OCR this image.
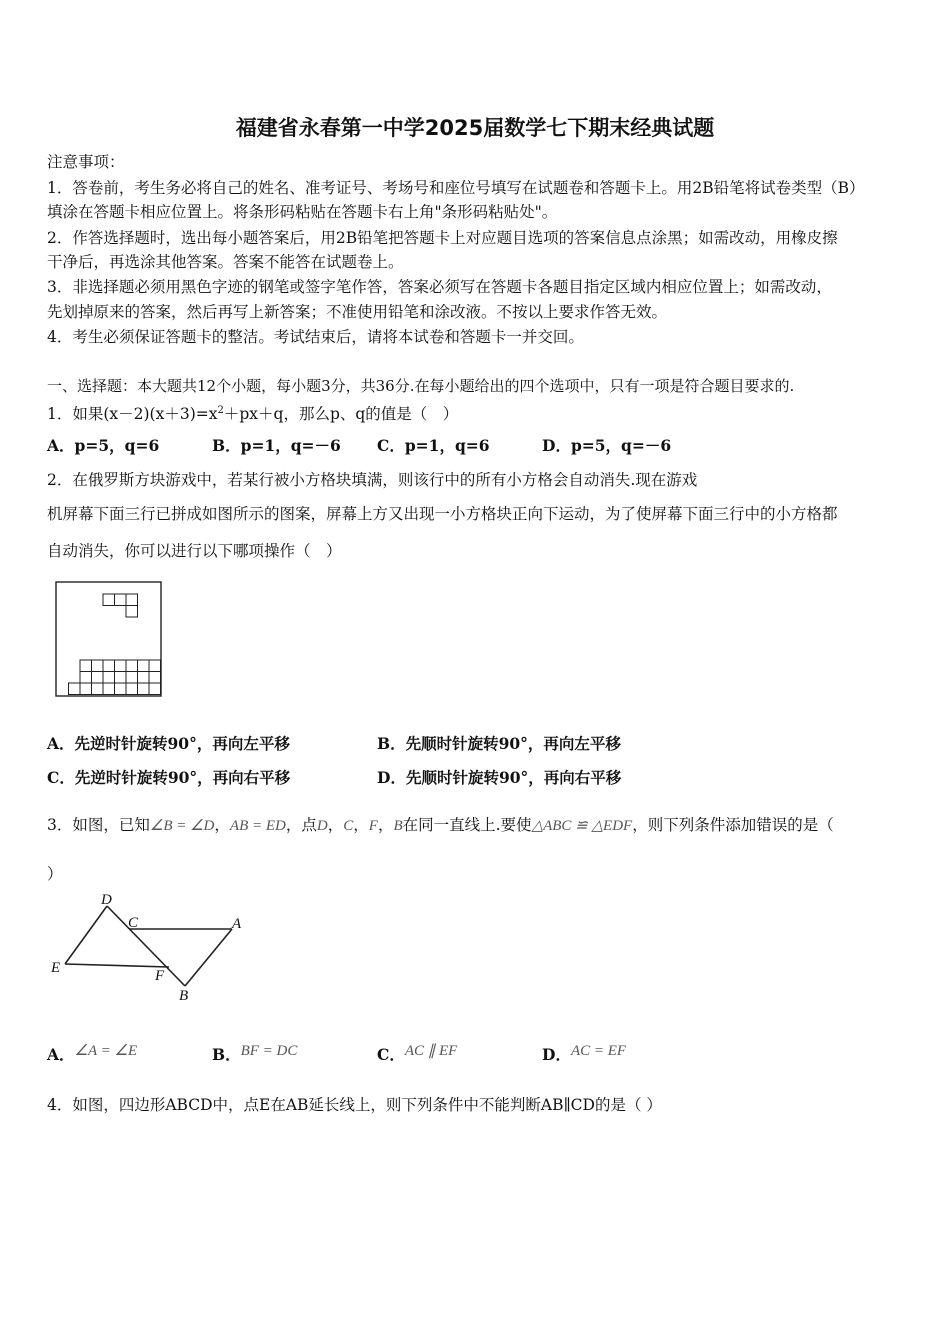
福建省永春第一中学2025届数学七下期末经典试题
注意事项：
1．答卷前，考生务必将自己的姓名、准考证号、考场号和座位号填写在试题卷和答题卡上。用2B铅笔将试卷类型（B）
填涂在答题卡相应位置上。将条形码粘贴在答题卡右上角"条形码粘贴处"。
2．作答选择题时，选出每小题答案后，用2B铅笔把答题卡上对应题目选项的答案信息点涂黑；如需改动，用橡皮擦
干净后，再选涂其他答案。答案不能答在试题卷上。
3．非选择题必须用黑色字迹的钢笔或签字笔作答，答案必须写在答题卡各题目指定区域内相应位置上；如需改动，
先划掉原来的答案，然后再写上新答案；不准使用铅笔和涂改液。不按以上要求作答无效。
4．考生必须保证答题卡的整洁。考试结束后，请将本试卷和答题卡一并交回。
一、选择题：本大题共12个小题，每小题3分，共36分.在每小题给出的四个选项中，只有一项是符合题目要求的.
1．如果$(x-2)(x+3)=x^2+px+q$，那么p、q的值是（　）
A．p=5，q=6	B．p=1，q=－6 C．p=1，q=6	D．p=5，q=－6
2．在俄罗斯方块游戏中，若某行被小方格块填满，则该行中的所有小方格会自动消失.现在游戏
机屏幕下面三行已拼成如图所示的图案，屏幕上方又出现一小方格块正向下运动，为了使屏幕下面三行中的小方格都
自动消失，你可以进行以下哪项操作（　）
A．先逆时针旋转90°，再向左平移	B．先顺时针旋转90°，再向左平移
C．先逆时针旋转90°，再向右平移	D．先顺时针旋转90°，再向右平移
3．如图，已知∠B = ∠D，AB = ED，点D，C，F，B在同一直线上.要使△ABC ≌ △EDF，则下列条件添加错误的是（
）
D
C	A
E	F
B
A．∠A = ∠E	B．BF = DC	C．AC ∥ EF	D．AC = EF
4．如图，四边形ABCD中，点E在AB延长线上，则下列条件中不能判断AB∥CD的是（ ）
